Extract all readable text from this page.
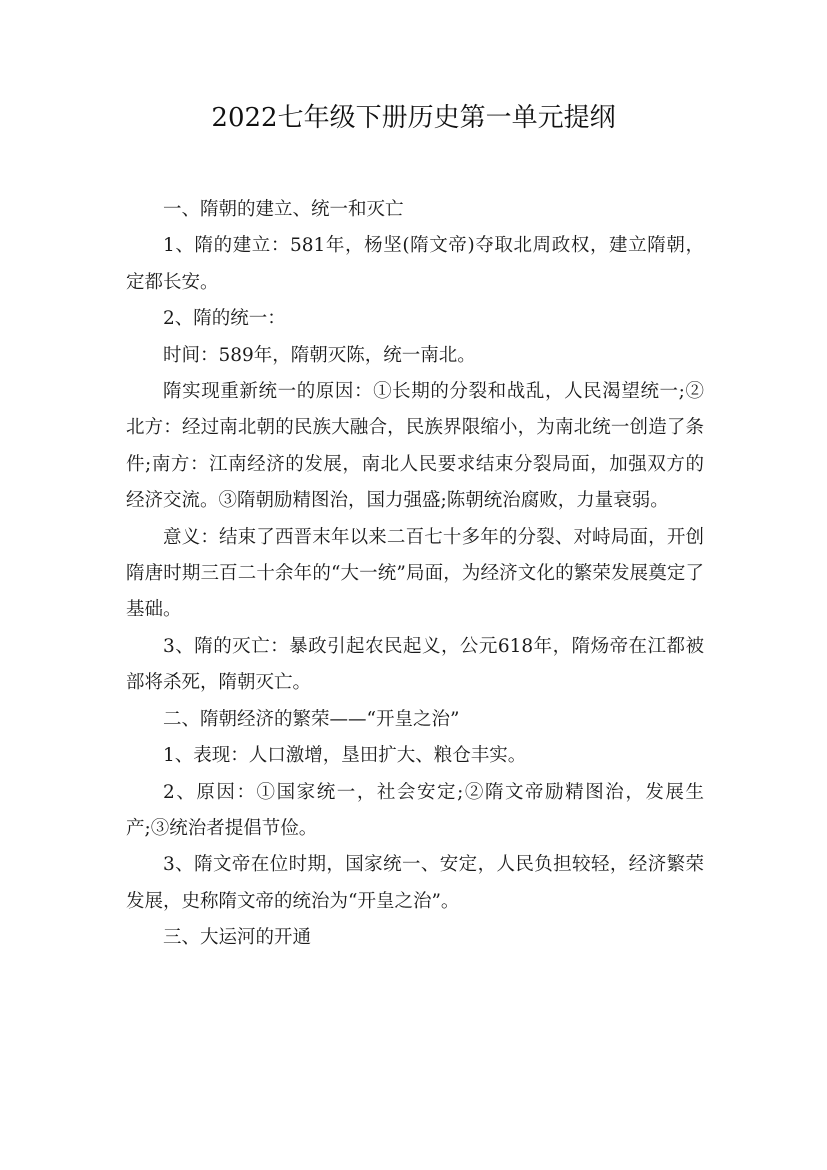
2022七年级下册历史第一单元提纲

一、隋朝的建立、统一和灭亡

1、隋的建立：581年，杨坚(隋文帝)夺取北周政权，建立隋朝，定都长安。

2、隋的统一：

时间：589年，隋朝灭陈，统一南北。

隋实现重新统一的原因：①长期的分裂和战乱，人民渴望统一;②北方：经过南北朝的民族大融合，民族界限缩小，为南北统一创造了条件;南方：江南经济的发展，南北人民要求结束分裂局面，加强双方的经济交流。③隋朝励精图治，国力强盛;陈朝统治腐败，力量衰弱。

意义：结束了西晋末年以来二百七十多年的分裂、对峙局面，开创隋唐时期三百二十余年的“大一统”局面，为经济文化的繁荣发展奠定了基础。

3、隋的灭亡：暴政引起农民起义，公元618年，隋炀帝在江都被部将杀死，隋朝灭亡。

二、隋朝经济的繁荣——“开皇之治”

1、表现：人口激增，垦田扩大、粮仓丰实。

2、原因：①国家统一，社会安定;②隋文帝励精图治，发展生产;③统治者提倡节俭。

3、隋文帝在位时期，国家统一、安定，人民负担较轻，经济繁荣发展，史称隋文帝的统治为“开皇之治”。

三、大运河的开通
